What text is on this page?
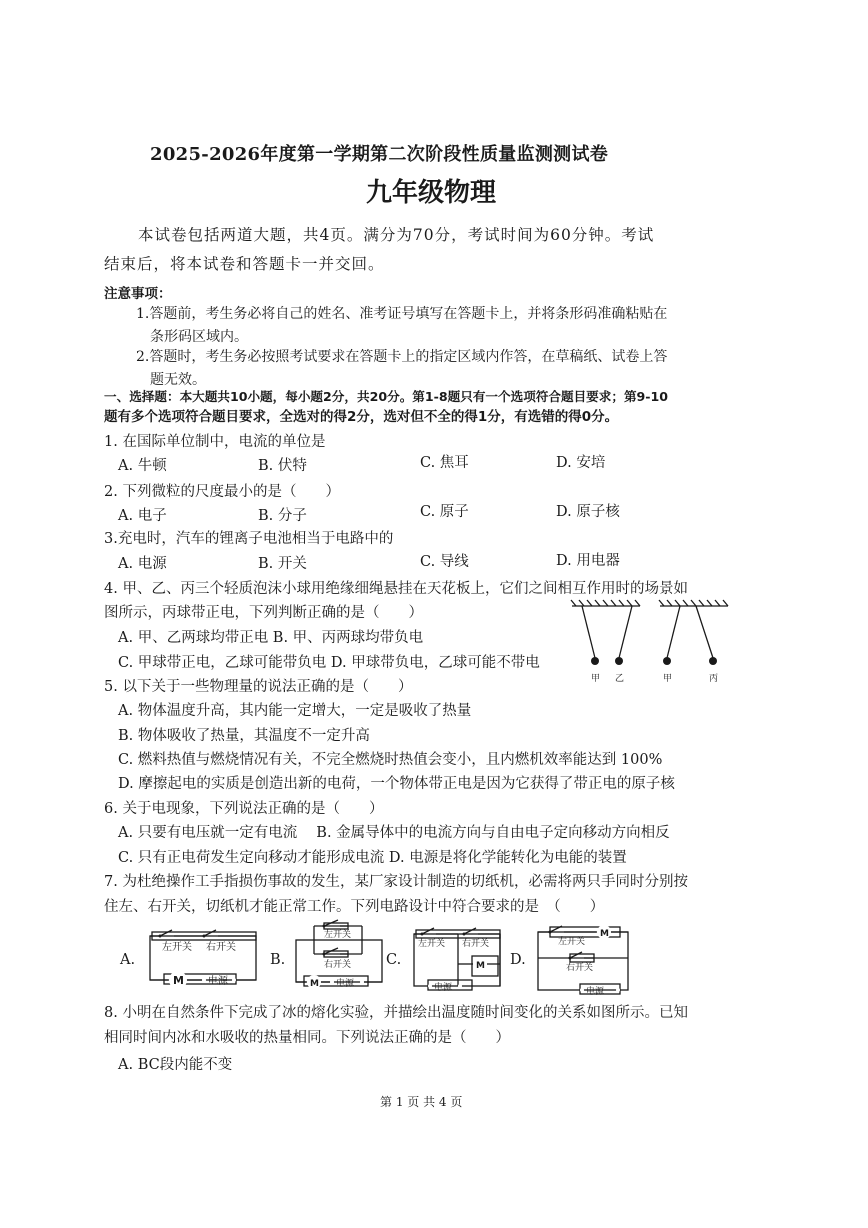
2025-2026年度第一学期第二次阶段性质量监测测试卷
九年级物理
本试卷包括两道大题，共4页。满分为70分，考试时间为60分钟。考试
结束后，将本试卷和答题卡一并交回。
注意事项：
1.答题前，考生务必将自己的姓名、准考证号填写在答题卡上，并将条形码准确粘贴在
条形码区域内。
2.答题时，考生务必按照考试要求在答题卡上的指定区域内作答，在草稿纸、试卷上答
题无效。
一、选择题：本大题共10小题，每小题2分，共20分。第1-8题只有一个选项符合题目要求；第9-10
题有多个选项符合题目要求，全选对的得2分，选对但不全的得1分，有选错的得0分。
1. 在国际单位制中，电流的单位是
A. 牛顿	B. 伏特	C. 焦耳	D. 安培
2. 下列微粒的尺度最小的是（　　）
A. 电子	B. 分子	C. 原子	D. 原子核
3.充电时，汽车的锂离子电池相当于电路中的
A. 电源	B. 开关	C. 导线	D. 用电器
4. 甲、乙、丙三个轻质泡沫小球用绝缘细绳悬挂在天花板上，它们之间相互作用时的场景如
图所示，丙球带正电，下列判断正确的是（　　）
A. 甲、乙两球均带正电 B. 甲、丙两球均带负电
C. 甲球带正电，乙球可能带负电 D. 甲球带负电，乙球可能不带电
甲 乙	甲	丙
5. 以下关于一些物理量的说法正确的是（　　）
A. 物体温度升高，其内能一定增大，一定是吸收了热量
B. 物体吸收了热量，其温度不一定升高
C. 燃料热值与燃烧情况有关，不完全燃烧时热值会变小，且内燃机效率能达到 100%
D. 摩擦起电的实质是创造出新的电荷，一个物体带正电是因为它获得了带正电的原子核
6. 关于电现象，下列说法正确的是（　　）
A. 只要有电压就一定有电流　 B. 金属导体中的电流方向与自由电子定向移动方向相反
C. 只有正电荷发生定向移动才能形成电流 D. 电源是将化学能转化为电能的装置
7. 为杜绝操作工手指损伤事故的发生，某厂家设计制造的切纸机，必需将两只手同时分别按
住左、右开关，切纸机才能正常工作。下列电路设计中符合要求的是　（　　）
A.	B.	C.	D.
左开关 右开关
M 电源
左开关
右开关
M 电源
左开关 右开关
M
电源
M
左开关
右开关
电源
8. 小明在自然条件下完成了冰的熔化实验，并描绘出温度随时间变化的关系如图所示。已知
相同时间内冰和水吸收的热量相同。下列说法正确的是（　　）
A. BC段内能不变
第 1 页 共 4 页
